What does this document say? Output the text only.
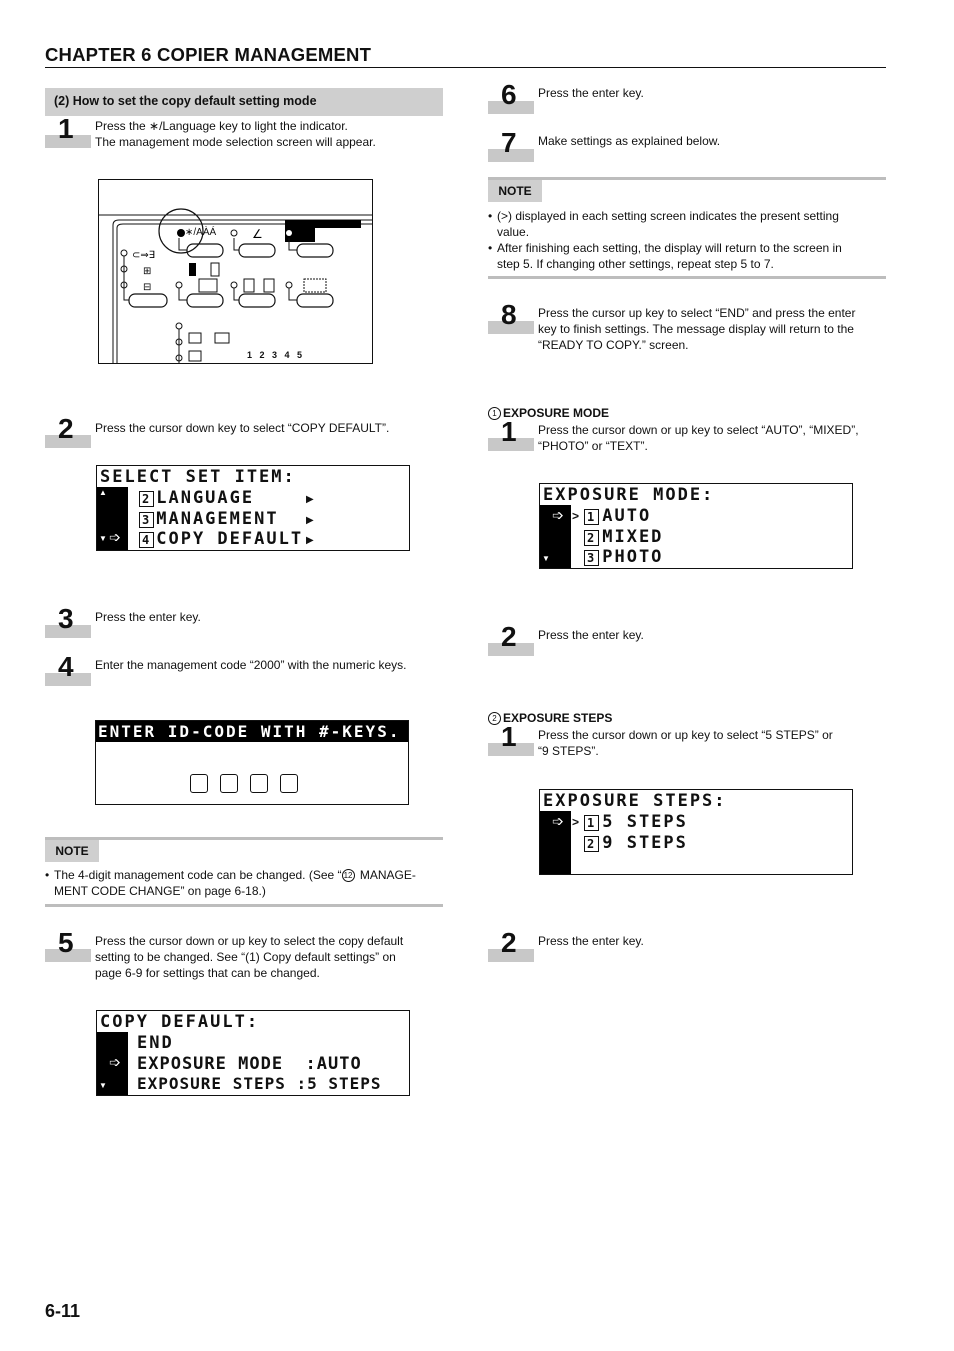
CHAPTER 6 COPIER MANAGEMENT
(2) How to set the copy default setting mode
1 Press the ∗/Language key to light the indicator.
The management mode selection screen will appear.
⊂⇒∃
⊞
⊟
∠
∗/AÀÁ
1   2   3   4   5
2 Press the cursor down key to select “COPY DEFAULT”.
▲
▼ ➩
SELECT SET ITEM:
2 LANGUAGE
3 MANAGEMENT
4 COPY DEFAULT
▶
▶
▶
3 Press the enter key.
4 Enter the management code “2000” with the numeric keys.
ENTER ID-CODE WITH #-KEYS.
NOTE
• The 4-digit management code can be changed. (See “ 12 MANAGE-
MENT CODE CHANGE” on page 6-18.)
5 Press the cursor down or up key to select the copy default
setting to be changed. See “(1) Copy default settings” on
page 6-9 for settings that can be changed.
➩
▼
COPY DEFAULT:
END
EXPOSURE MODE  :AUTO
EXPOSURE STEPS :5 STEPS
6 Press the enter key.
7 Make settings as explained below.
NOTE
• (>) displayed in each setting screen indicates the present setting
value.
• After finishing each setting, the display will return to the screen in
step 5. If changing other settings, repeat step 5 to 7.
8 Press the cursor up key to select “END” and press the enter
key to finish settings. The message display will return to the
“READY TO COPY.” screen.
1 EXPOSURE MODE
1 Press the cursor down or up key to select “AUTO”, “MIXED”,
“PHOTO” or “TEXT”.
➩
▼
EXPOSURE MODE:
> 1 AUTO
2 MIXED
3 PHOTO
2 Press the enter key.
2 EXPOSURE STEPS
1 Press the cursor down or up key to select “5 STEPS” or
“9 STEPS”.
➩
EXPOSURE STEPS:
> 1 5 STEPS
2 9 STEPS
2 Press the enter key.
6-11
